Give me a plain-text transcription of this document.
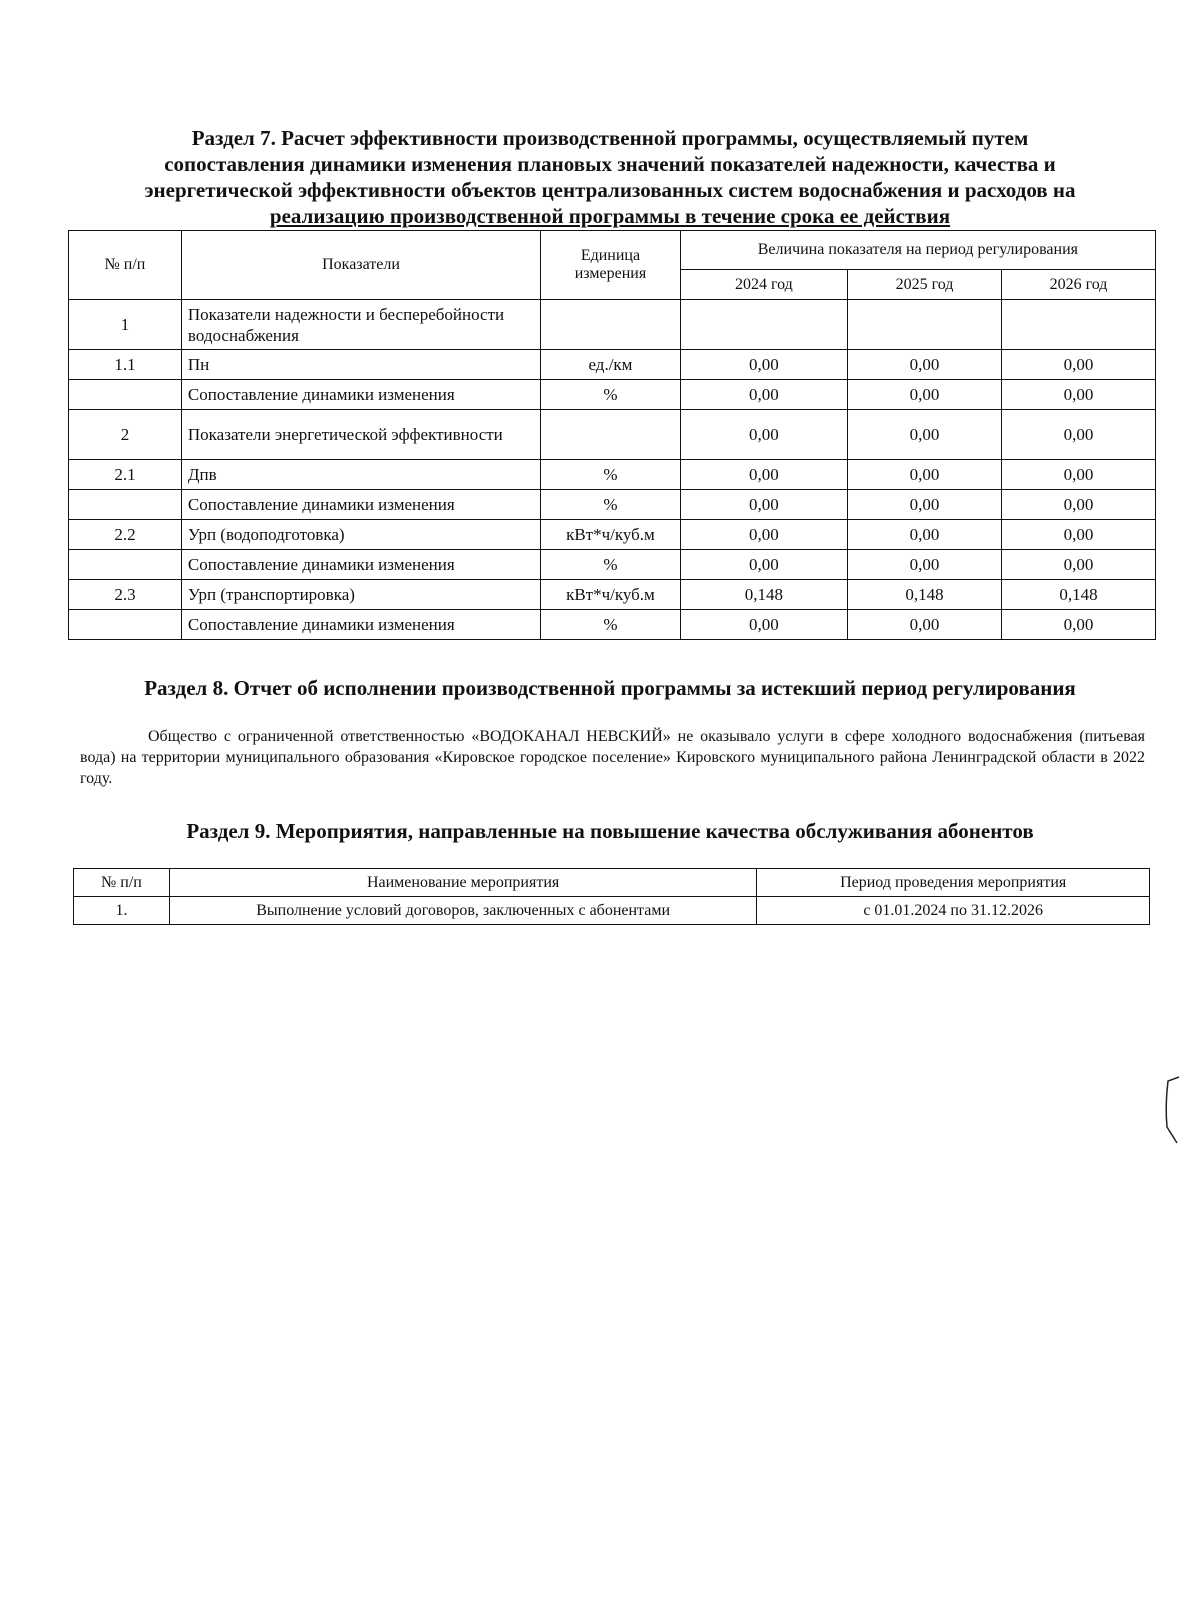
Раздел 7. Расчет эффективности производственной программы, осуществляемый путем
сопоставления динамики изменения плановых значений показателей надежности, качества и
энергетической эффективности объектов централизованных систем водоснабжения и расходов на
реализацию производственной программы в течение срока ее действия
№ п/п	Показатели	Единица измерения	Величина показателя на период регулирования		
			2024 год	2025 год	2026 год
1	Показатели надежности и бесперебойности водоснабжения				
1.1	Пн	ед./км	0,00	0,00	0,00
	Сопоставление динамики изменения	%	0,00	0,00	0,00
2	Показатели энергетической эффективности		0,00	0,00	0,00
2.1	Дпв	%	0,00	0,00	0,00
	Сопоставление динамики изменения	%	0,00	0,00	0,00
2.2	Урп (водоподготовка)	кВт*ч/куб.м	0,00	0,00	0,00
	Сопоставление динамики изменения	%	0,00	0,00	0,00
2.3	Урп (транспортировка)	кВт*ч/куб.м	0,148	0,148	0,148
	Сопоставление динамики изменения	%	0,00	0,00	0,00
Раздел 8. Отчет об исполнении производственной программы за истекший период регулирования
Общество с ограниченной ответственностью «ВОДОКАНАЛ НЕВСКИЙ» не оказывало услуги в сфере холодного водоснабжения (питьевая вода) на территории муниципального образования «Кировское городское поселение» Кировского муниципального района Ленинградской области в 2022 году.
Раздел 9. Мероприятия, направленные на повышение качества обслуживания абонентов
№ п/п	Наименование мероприятия	Период проведения мероприятия
1.	Выполнение условий договоров, заключенных с абонентами	с 01.01.2024 по 31.12.2026
